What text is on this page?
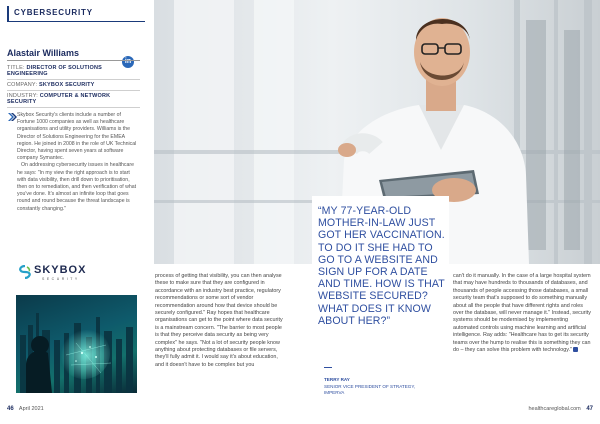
CYBERSECURITY
in
Alastair Williams
TITLE: DIRECTOR OF SOLUTIONS ENGINEERING
COMPANY: SKYBOX SECURITY
INDUSTRY: COMPUTER & NETWORK SECURITY

Skybox Security's clients include a number of Fortune 1000 companies as well as healthcare organisations and utility providers. Williams is the Director of Solutions Engineering for the EMEA region. He joined in 2008 in the role of UK Technical Director, having spent seven years at software company Symantec.

On addressing cybersecurity issues in healthcare he says: "In my view the right approach is to start with data visibility, then drill down to prioritisation, then on to remediation, and then verification of what you've done. It's almost an infinite loop that goes round and round because the threat landscape is constantly changing."

SKYBOX
SECURITY	process of getting that visibility, you can then analyse these to make sure that they are configured in accordance with an industry best practice, regulatory recommendations or some sort of vendor recommendation around how that device should be securely configured." Ray hopes that healthcare organisations can get to the point where data security is a mainstream concern. "The barrier to most people is that they perceive data security as being very complex" he says. "Not a lot of security people know anything about protecting databases or file servers, they'll fully admit it. I would say it's about education, and it doesn't have to be complex but you
“MY 77-YEAR-OLD MOTHER-IN-LAW JUST GOT HER VACCINATION. TO DO IT SHE HAD TO GO TO A WEBSITE AND SIGN UP FOR A DATE AND TIME. HOW IS THAT WEBSITE SECURED? WHAT DOES IT KNOW ABOUT HER?”
TERRY RAY
SENIOR VICE PRESIDENT OF STRATEGY, IMPERVA
can't do it manually. In the case of a large hospital system that may have hundreds to thousands of databases, and thousands of people accessing those databases, a small security team that's supposed to do something manually about all the people that have different rights and roles over the database, will never manage it." Instead, security systems should be modernised by implementing automated controls using machine learning and artificial intelligence. Ray adds: "Healthcare has to get its security teams over the hump to realise this is something they can do – they can solve this problem with technology."
46 April 2021	healthcareglobal.com 47
